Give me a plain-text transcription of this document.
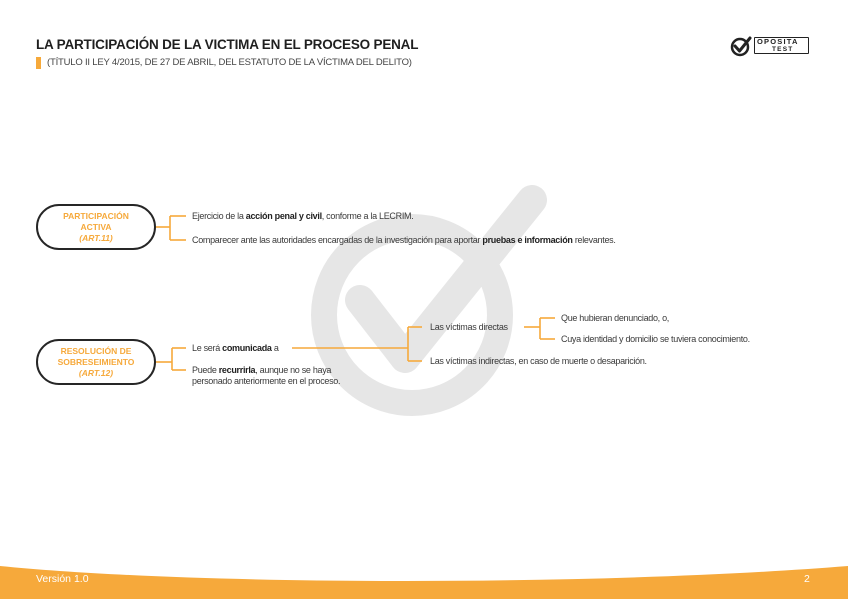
LA PARTICIPACIÓN DE LA VICTIMA EN EL PROCESO PENAL
(TÍTULO II LEY 4/2015, DE 27 DE ABRIL, DEL ESTATUTO DE LA VÍCTIMA DEL DELITO)
OPOSITA
TEST
PARTICIPACIÓN
ACTIVA
(ART.11)
Ejercicio de la acción penal y civil, conforme a la LECRIM.
Comparecer ante las autoridades encargadas de la investigación para aportar pruebas e información relevantes.
RESOLUCIÓN DE
SOBRESEIMIENTO
(ART.12)
Le será comunicada a
Puede recurrirla, aunque no se haya
personado anteriormente en el proceso.
Las víctimas directas
Las víctimas indirectas, en caso de muerte o desaparición.
Que hubieran denunciado, o,
Cuya identidad y domicilio se tuviera conocimiento.
Versión 1.0	2
